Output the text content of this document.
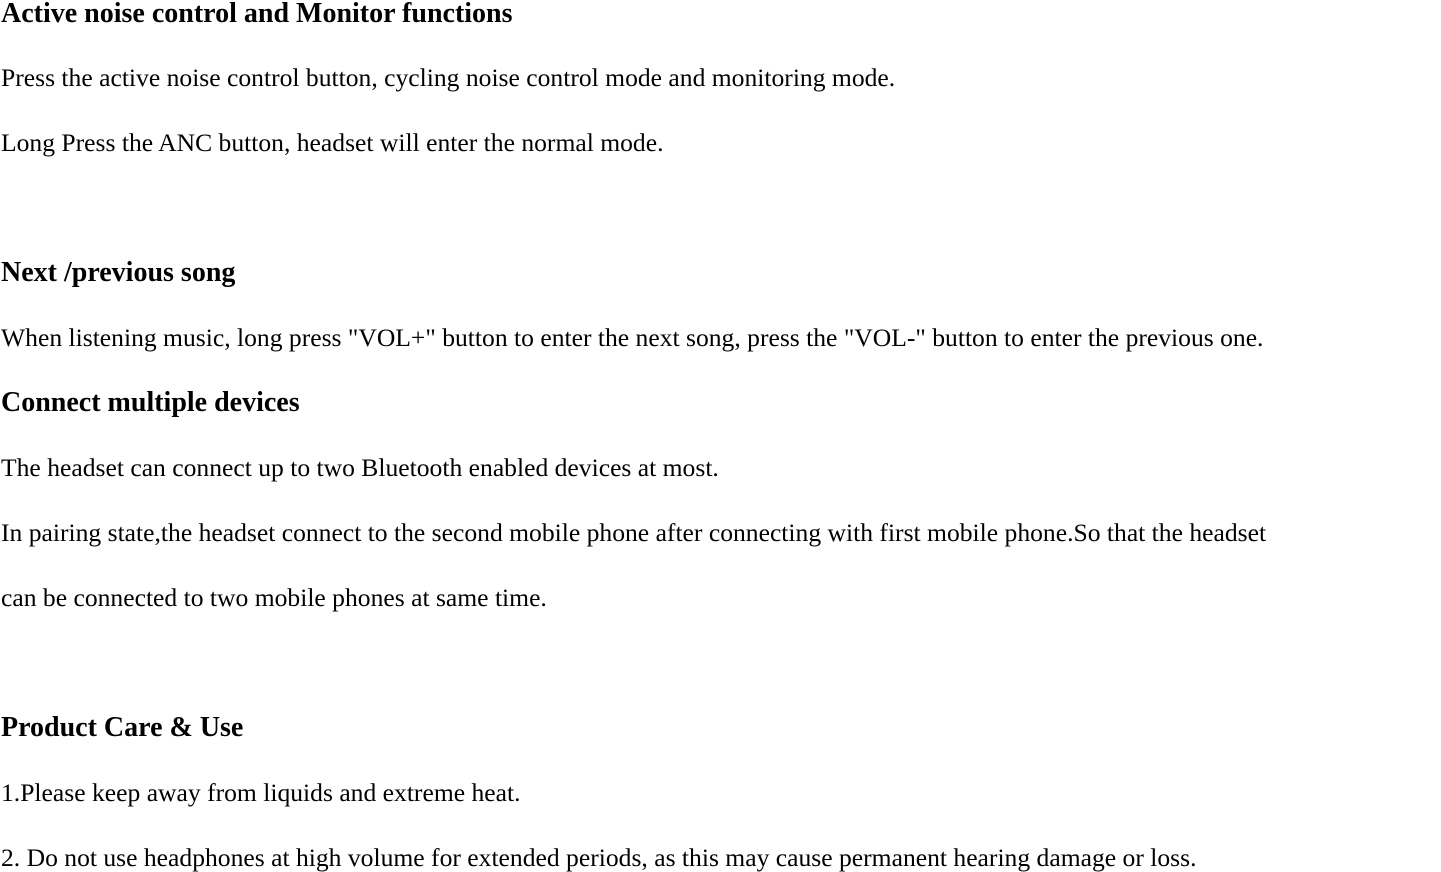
Active noise control and Monitor functions
Press the active noise control button, cycling noise control mode and monitoring mode.
Long Press the ANC button, headset will enter the normal mode.
Next /previous song
When listening music, long press "VOL+" button to enter the next song, press the "VOL-" button to enter the previous one.
Connect multiple devices
The headset can connect up to two Bluetooth enabled devices at most.
In pairing state,the headset connect to the second mobile phone after connecting with first mobile phone.So that the headset
can be connected to two mobile phones at same time.
Product Care & Use
1.Please keep away from liquids and extreme heat.
2. Do not use headphones at high volume for extended periods, as this may cause permanent hearing damage or loss.
